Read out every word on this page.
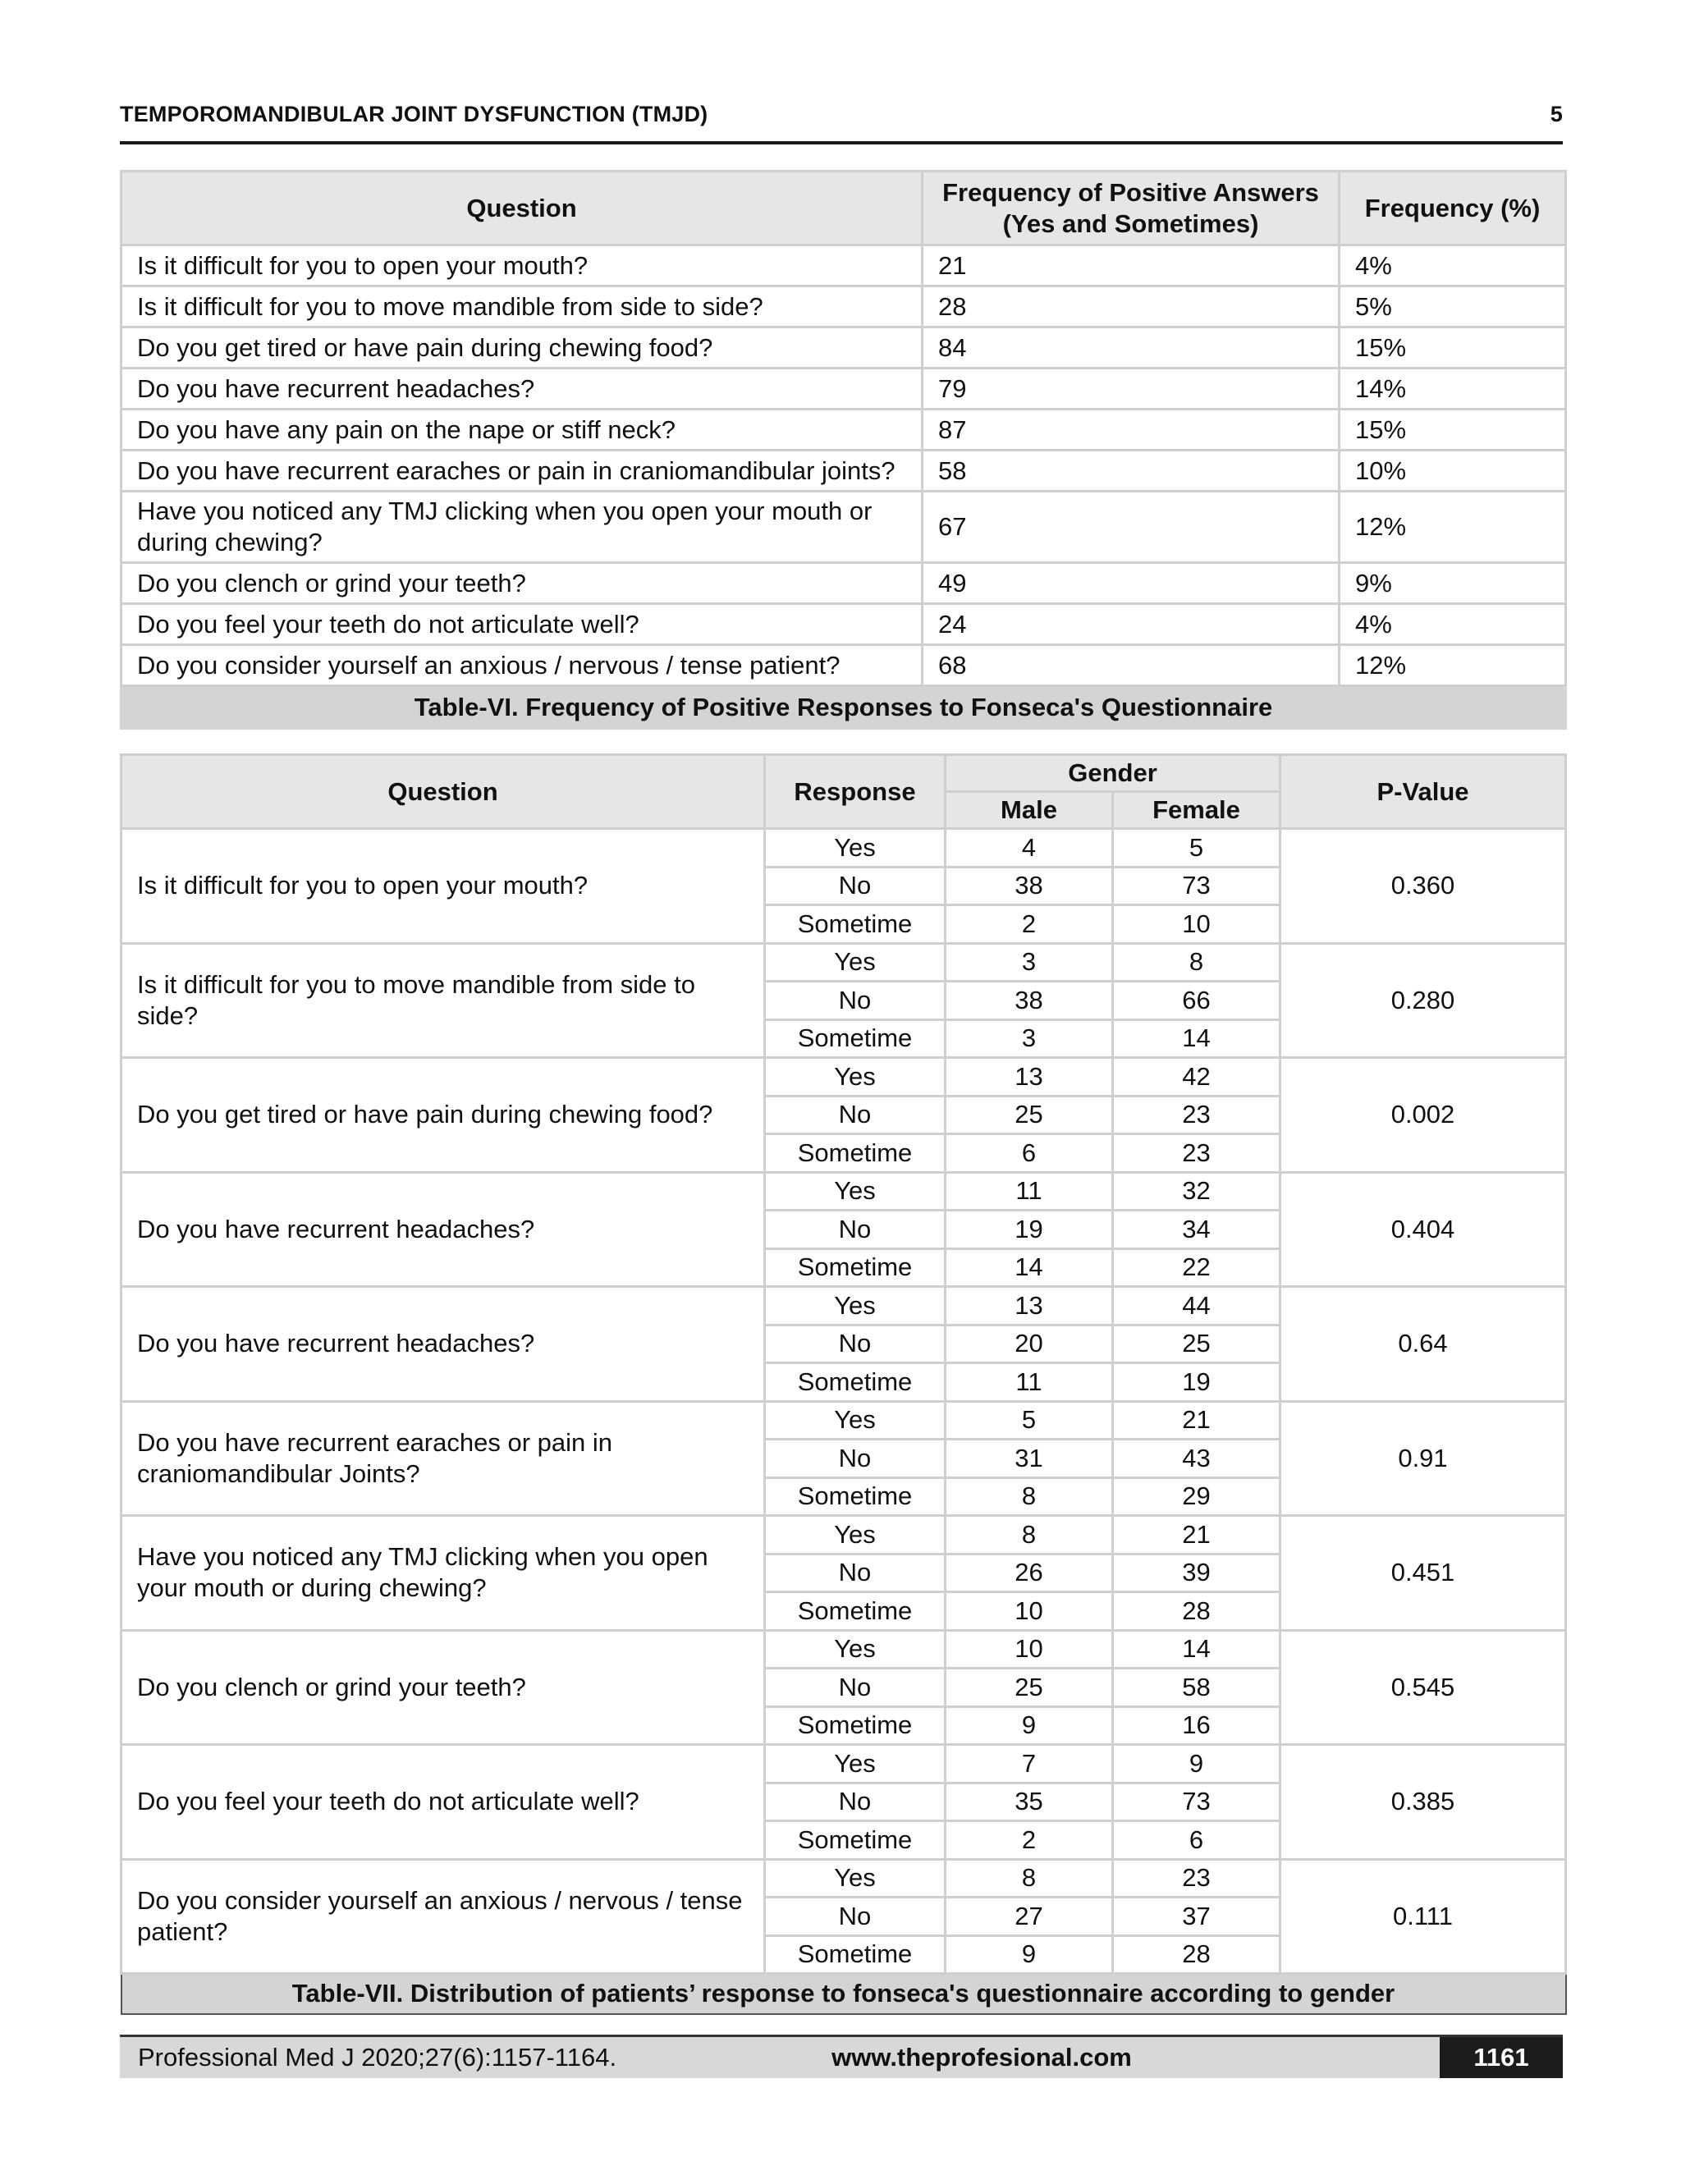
TEMPOROMANDIBULAR JOINT DYSFUNCTION (TMJD)	5
Question	Frequency of Positive Answers (Yes and Sometimes)	Frequency (%)
Is it difficult for you to open your mouth?	21	4%
Is it difficult for you to move mandible from side to side?	28	5%
Do you get tired or have pain during chewing food?	84	15%
Do you have recurrent headaches?	79	14%
Do you have any pain on the nape or stiff neck?	87	15%
Do you have recurrent earaches or pain in craniomandibular joints?	58	10%
Have you noticed any TMJ clicking when you open your mouth or during chewing?	67	12%
Do you clench or grind your teeth?	49	9%
Do you feel your teeth do not articulate well?	24	4%
Do you consider yourself an anxious / nervous / tense patient?	68	12%
Table-VI. Frequency of Positive Responses to Fonseca's Questionnaire		
Question	Response	Gender		P-Value
		Male	Female	
Is it difficult for you to open your mouth?	Yes	4	5	0.360
	No	38	73	
	Sometime	2	10	
Is it difficult for you to move mandible from side to side?	Yes	3	8	0.280
	No	38	66	
	Sometime	3	14	
Do you get tired or have pain during chewing food?	Yes	13	42	0.002
	No	25	23	
	Sometime	6	23	
Do you have recurrent headaches?	Yes	11	32	0.404
	No	19	34	
	Sometime	14	22	
Do you have recurrent headaches?	Yes	13	44	0.64
	No	20	25	
	Sometime	11	19	
Do you have recurrent earaches or pain in craniomandibular Joints?	Yes	5	21	0.91
	No	31	43	
	Sometime	8	29	
Have you noticed any TMJ clicking when you open your mouth or during chewing?	Yes	8	21	0.451
	No	26	39	
	Sometime	10	28	
Do you clench or grind your teeth?	Yes	10	14	0.545
	No	25	58	
	Sometime	9	16	
Do you feel your teeth do not articulate well?	Yes	7	9	0.385
	No	35	73	
	Sometime	2	6	
Do you consider yourself an anxious / nervous / tense patient?	Yes	8	23	0.111
	No	27	37	
	Sometime	9	28	
Table-VII. Distribution of patients’ response to fonseca's questionnaire according to gender				
Professional Med J 2020;27(6):1157-1164.	www.theprofesional.com	1161
